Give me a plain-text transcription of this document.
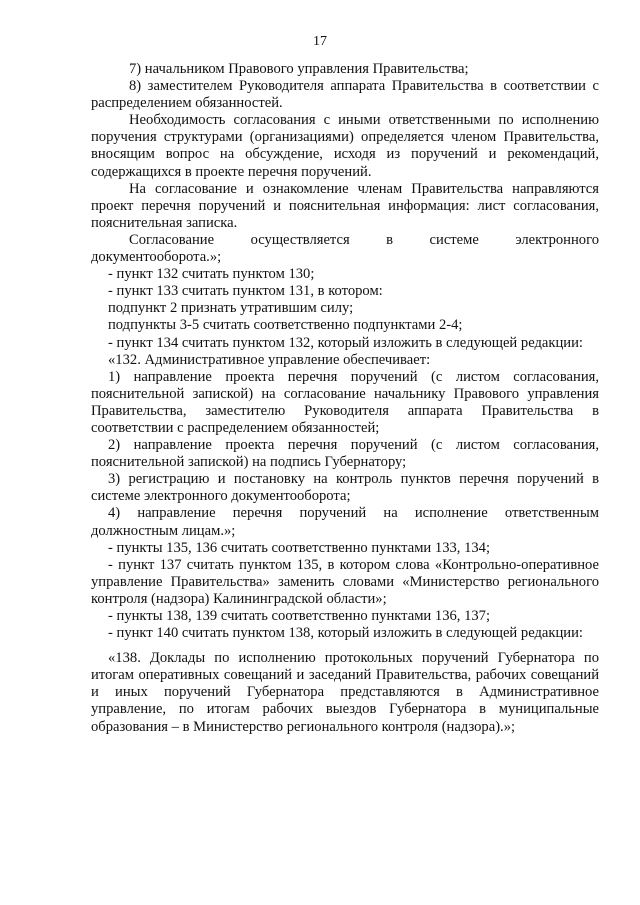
17

7) начальником Правового управления Правительства;

8) заместителем Руководителя аппарата Правительства в соответствии с распределением обязанностей.

Необходимость согласования с иными ответственными по исполнению поручения структурами (организациями) определяется членом Правительства, вносящим вопрос на обсуждение, исходя из поручений и рекомендаций, содержащихся в проекте перечня поручений.

На согласование и ознакомление членам Правительства направляются проект перечня поручений и пояснительная информация: лист согласования, пояснительная записка.

Согласование осуществляется в системе электронного документооборота.»;

- пункт 132 считать пунктом 130;

- пункт 133 считать пунктом 131, в котором:

подпункт 2 признать утратившим силу;

подпункты 3-5 считать соответственно подпунктами 2-4;

- пункт 134 считать пунктом 132, который изложить в следующей редакции:

«132. Административное управление обеспечивает:

1) направление проекта перечня поручений (с листом согласования, пояснительной запиской) на согласование начальнику Правового управления Правительства, заместителю Руководителя аппарата Правительства в соответствии с распределением обязанностей;

2) направление проекта перечня поручений (с листом согласования, пояснительной запиской) на подпись Губернатору;

3) регистрацию и постановку на контроль пунктов перечня поручений в системе электронного документооборота;

4) направление перечня поручений на исполнение ответственным должностным лицам.»;

- пункты 135, 136 считать соответственно пунктами 133, 134;

- пункт 137 считать пунктом 135, в котором слова «Контрольно-оперативное управление Правительства» заменить словами «Министерство регионального контроля (надзора) Калининградской области»;

- пункты 138, 139 считать соответственно пунктами 136, 137;

- пункт 140 считать пунктом 138, который изложить в следующей редакции:

«138. Доклады по исполнению протокольных поручений Губернатора по итогам оперативных совещаний и заседаний Правительства, рабочих совещаний и иных поручений Губернатора представляются в Административное управление, по итогам рабочих выездов Губернатора в муниципальные образования – в Министерство регионального контроля (надзора).»;
